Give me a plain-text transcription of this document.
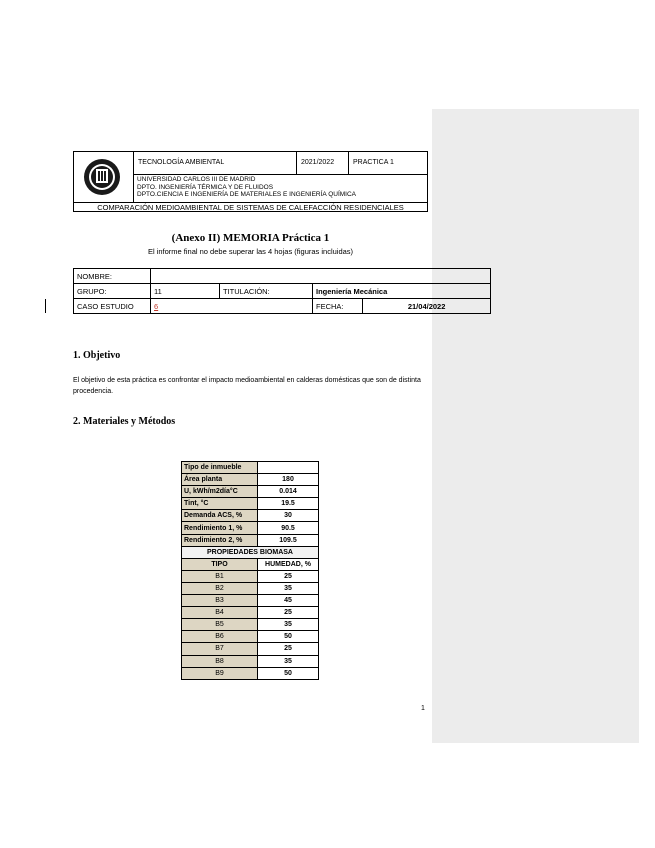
TECNOLOGÍA AMBIENTAL	2021/2022	PRACTICA 1
UNIVERSIDAD CARLOS III DE MADRID
DPTO. INGENIERÍA TÉRMICA Y DE FLUIDOS
DPTO.CIENCIA E INGENIERÍA DE MATERIALES E INGENIERÍA QUÍMICA
COMPARACIÓN MEDIOAMBIENTAL DE SISTEMAS DE CALEFACCIÓN RESIDENCIALES
(Anexo II) MEMORIA Práctica 1
El informe final no debe superar las 4 hojas (figuras incluidas)
NOMBRE:				
GRUPO:	11	TITULACIÓN:	Ingeniería Mecánica	
CASO ESTUDIO	6		FECHA:	21/04/2022
1. Objetivo
El objetivo de esta práctica es confrontar el impacto medioambiental en calderas domésticas que son de distinta procedencia.
2. Materiales y Métodos
Tipo de inmueble	
Área planta	180
U, kWh/m2día°C	0.014
Tint, °C	19.5
Demanda ACS, %	30
Rendimiento 1, %	90.5
Rendimiento 2, %	109.5
PROPIEDADES BIOMASA	
TIPO	HUMEDAD, %
B1	25
B2	35
B3	45
B4	25
B5	35
B6	50
B7	25
B8	35
B9	50
1
